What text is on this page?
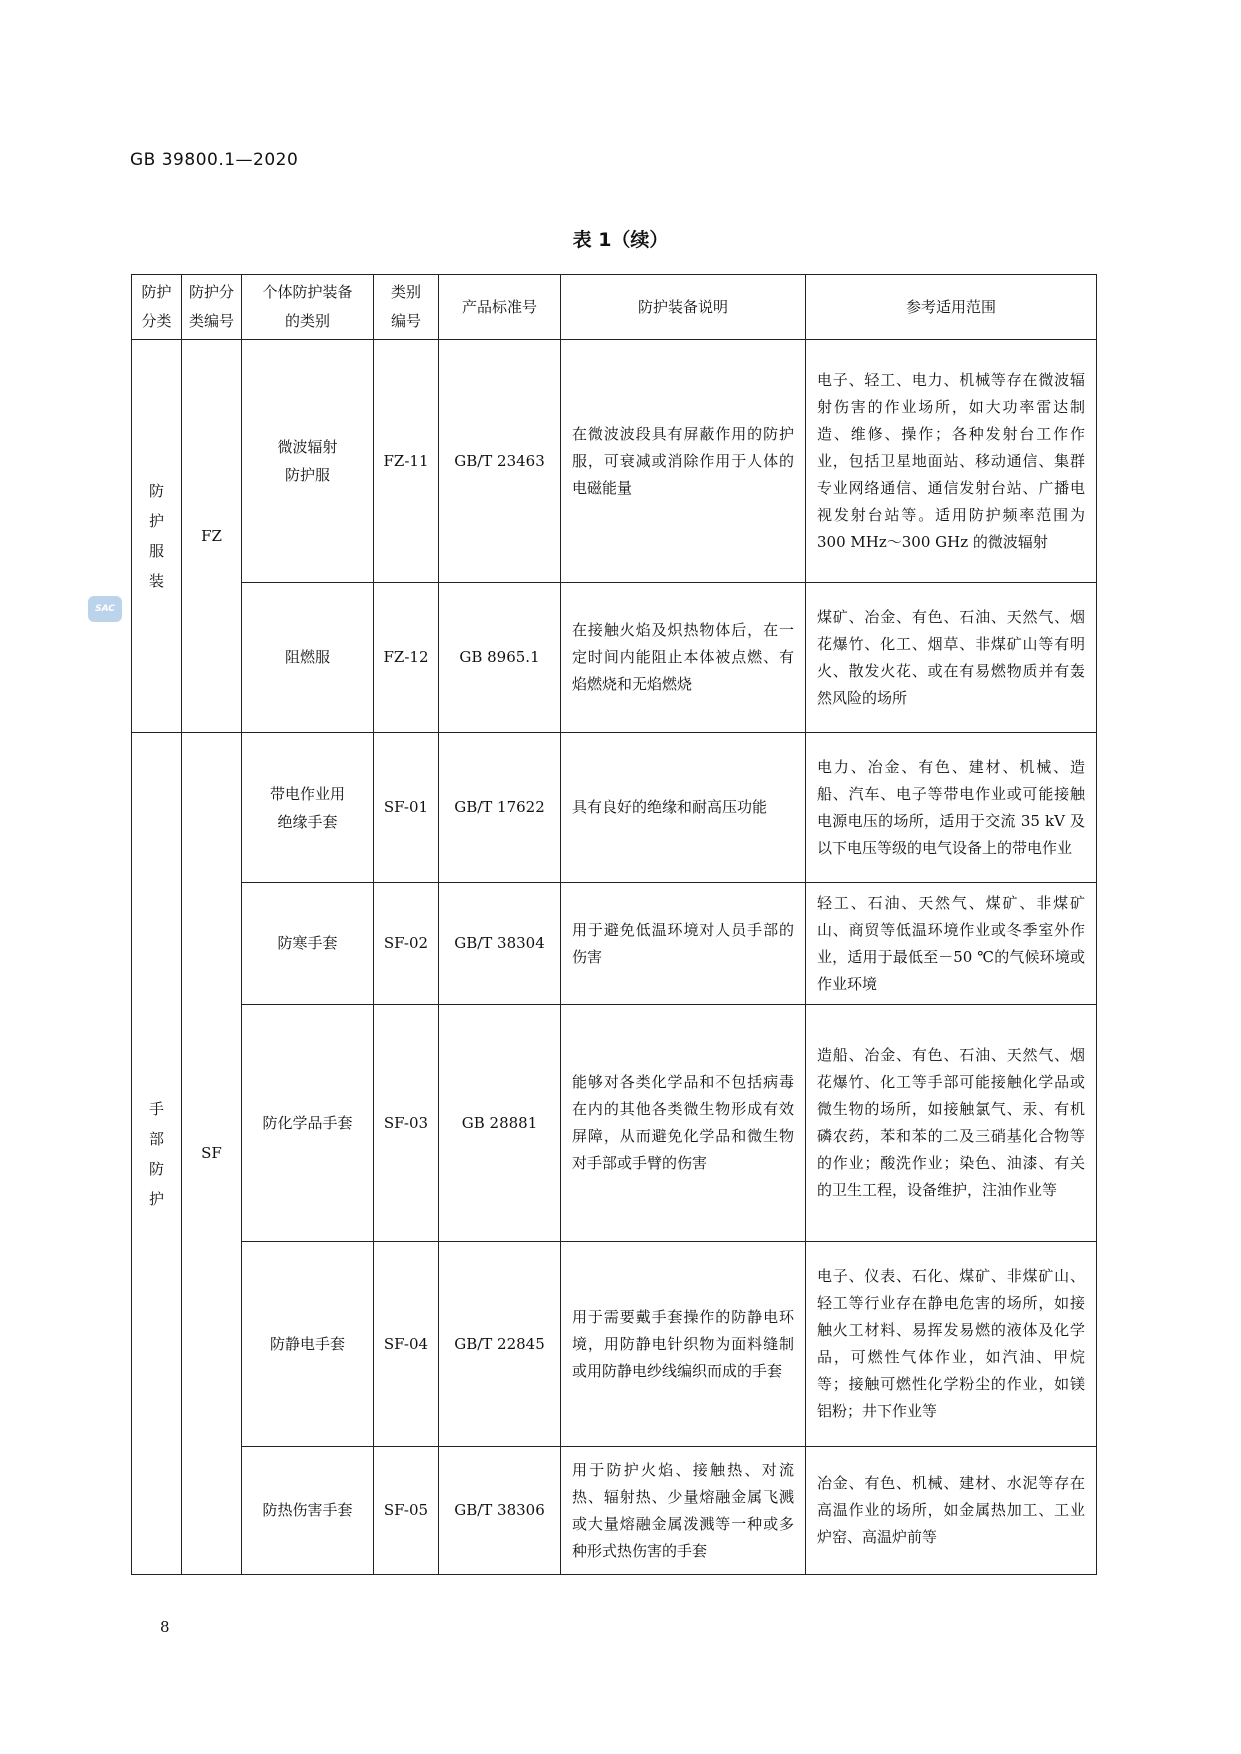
GB 39800.1—2020
表 1（续）
SAC
防护分类	防护分类编号	个体防护装备的类别	类别编号	产品标准号	防护装备说明	参考适用范围

防护服装	FZ	微波辐射防护服	FZ-11	GB/T 23463	在微波波段具有屏蔽作用的防护服，可衰减或消除作用于人体的电磁能量	电子、轻工、电力、机械等存在微波辐射伤害的作业场所，如大功率雷达制造、维修、操作；各种发射台工作作业，包括卫星地面站、移动通信、集群专业网络通信、通信发射台站、广播电视发射台站等。适用防护频率范围为 300 MHz～300 GHz 的微波辐射
		阻燃服	FZ-12	GB 8965.1	在接触火焰及炽热物体后，在一定时间内能阻止本体被点燃、有焰燃烧和无焰燃烧	煤矿、冶金、有色、石油、天然气、烟花爆竹、化工、烟草、非煤矿山等有明火、散发火花、或在有易燃物质并有轰然风险的场所

手部防护	SF	带电作业用绝缘手套	SF-01	GB/T 17622	具有良好的绝缘和耐高压功能	电力、冶金、有色、建材、机械、造船、汽车、电子等带电作业或可能接触电源电压的场所，适用于交流 35 kV 及以下电压等级的电气设备上的带电作业
		防寒手套	SF-02	GB/T 38304	用于避免低温环境对人员手部的伤害	轻工、石油、天然气、煤矿、非煤矿山、商贸等低温环境作业或冬季室外作业，适用于最低至－50 ℃的气候环境或作业环境
		防化学品手套	SF-03	GB 28881	能够对各类化学品和不包括病毒在内的其他各类微生物形成有效屏障，从而避免化学品和微生物对手部或手臂的伤害	造船、冶金、有色、石油、天然气、烟花爆竹、化工等手部可能接触化学品或微生物的场所，如接触氯气、汞、有机磷农药，苯和苯的二及三硝基化合物等的作业；酸洗作业；染色、油漆、有关的卫生工程，设备维护，注油作业等
		防静电手套	SF-04	GB/T 22845	用于需要戴手套操作的防静电环境，用防静电针织物为面料缝制或用防静电纱线编织而成的手套	电子、仪表、石化、煤矿、非煤矿山、轻工等行业存在静电危害的场所，如接触火工材料、易挥发易燃的液体及化学品，可燃性气体作业，如汽油、甲烷等；接触可燃性化学粉尘的作业，如镁铝粉；井下作业等
		防热伤害手套	SF-05	GB/T 38306	用于防护火焰、接触热、对流热、辐射热、少量熔融金属飞溅或大量熔融金属泼溅等一种或多种形式热伤害的手套	冶金、有色、机械、建材、水泥等存在高温作业的场所，如金属热加工、工业炉窑、高温炉前等
8
